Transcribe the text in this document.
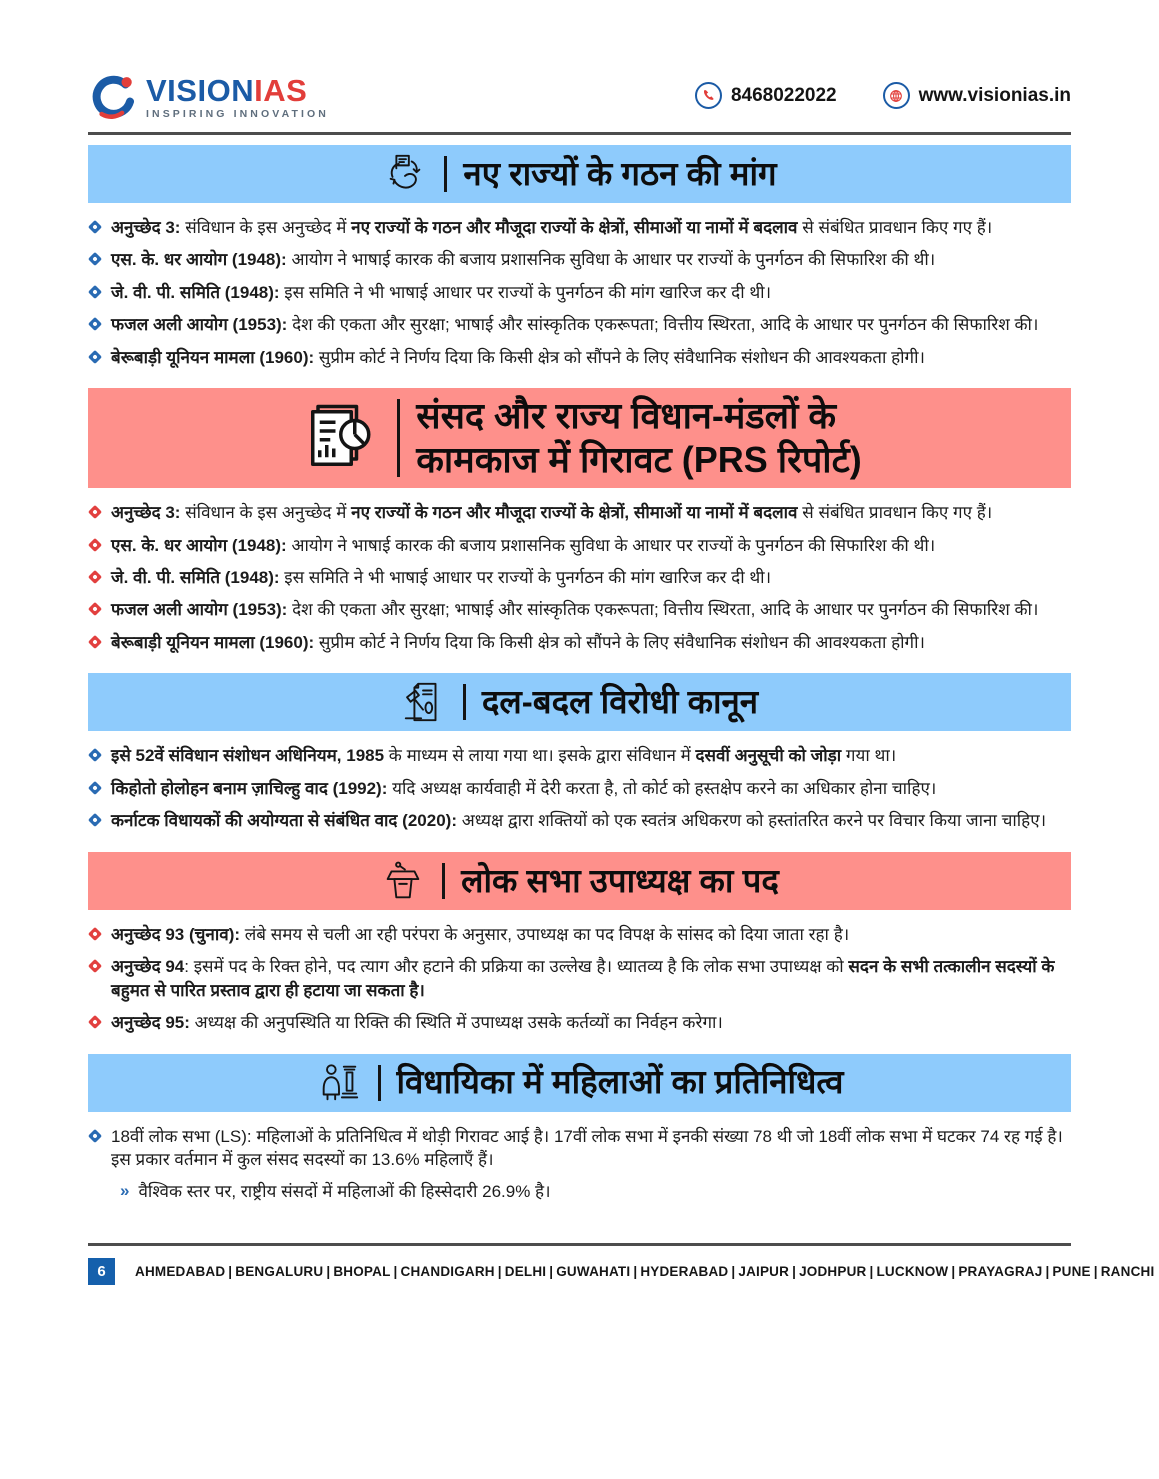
VISIONIAS
INSPIRING INNOVATION
8468022022	www.visionias.in
नए राज्यों के गठन की मांग
अनुच्छेद 3: संविधान के इस अनुच्छेद में नए राज्यों के गठन और मौजूदा राज्यों के क्षेत्रों, सीमाओं या नामों में बदलाव से संबंधित प्रावधान किए गए हैं।
एस. के. धर आयोग (1948): आयोग ने भाषाई कारक की बजाय प्रशासनिक सुविधा के आधार पर राज्यों के पुनर्गठन की सिफारिश की थी।
जे. वी. पी. समिति (1948): इस समिति ने भी भाषाई आधार पर राज्यों के पुनर्गठन की मांग खारिज कर दी थी।
फजल अली आयोग (1953): देश की एकता और सुरक्षा; भाषाई और सांस्कृतिक एकरूपता; वित्तीय स्थिरता, आदि के आधार पर पुनर्गठन की सिफारिश की।
बेरूबाड़ी यूनियन मामला (1960): सुप्रीम कोर्ट ने निर्णय दिया कि किसी क्षेत्र को सौंपने के लिए संवैधानिक संशोधन की आवश्यकता होगी।
संसद और राज्य विधान-मंडलों के
कामकाज में गिरावट (PRS रिपोर्ट)
अनुच्छेद 3: संविधान के इस अनुच्छेद में नए राज्यों के गठन और मौजूदा राज्यों के क्षेत्रों, सीमाओं या नामों में बदलाव से संबंधित प्रावधान किए गए हैं।
एस. के. धर आयोग (1948): आयोग ने भाषाई कारक की बजाय प्रशासनिक सुविधा के आधार पर राज्यों के पुनर्गठन की सिफारिश की थी।
जे. वी. पी. समिति (1948): इस समिति ने भी भाषाई आधार पर राज्यों के पुनर्गठन की मांग खारिज कर दी थी।
फजल अली आयोग (1953): देश की एकता और सुरक्षा; भाषाई और सांस्कृतिक एकरूपता; वित्तीय स्थिरता, आदि के आधार पर पुनर्गठन की सिफारिश की।
बेरूबाड़ी यूनियन मामला (1960): सुप्रीम कोर्ट ने निर्णय दिया कि किसी क्षेत्र को सौंपने के लिए संवैधानिक संशोधन की आवश्यकता होगी।
दल-बदल विरोधी कानून
इसे 52वें संविधान संशोधन अधिनियम, 1985 के माध्यम से लाया गया था। इसके द्वारा संविधान में दसवीं अनुसूची को जोड़ा गया था।
किहोतो होलोहन बनाम ज़ाचिल्हु वाद (1992): यदि अध्यक्ष कार्यवाही में देरी करता है, तो कोर्ट को हस्तक्षेप करने का अधिकार होना चाहिए।
कर्नाटक विधायकों की अयोग्यता से संबंधित वाद (2020): अध्यक्ष द्वारा शक्तियों को एक स्वतंत्र अधिकरण को हस्तांतरित करने पर विचार किया जाना चाहिए।
लोक सभा उपाध्यक्ष का पद
अनुच्छेद 93 (चुनाव): लंबे समय से चली आ रही परंपरा के अनुसार, उपाध्यक्ष का पद विपक्ष के सांसद को दिया जाता रहा है।
अनुच्छेद 94: इसमें पद के रिक्त होने, पद त्याग और हटाने की प्रक्रिया का उल्लेख है। ध्यातव्य है कि लोक सभा उपाध्यक्ष को सदन के सभी तत्कालीन सदस्यों के बहुमत से पारित प्रस्ताव द्वारा ही हटाया जा सकता है।
अनुच्छेद 95: अध्यक्ष की अनुपस्थिति या रिक्ति की स्थिति में उपाध्यक्ष उसके कर्तव्यों का निर्वहन करेगा।
विधायिका में महिलाओं का प्रतिनिधित्व
18वीं लोक सभा (LS): महिलाओं के प्रतिनिधित्व में थोड़ी गिरावट आई है। 17वीं लोक सभा में इनकी संख्या 78 थी जो 18वीं लोक सभा में घटकर 74 रह गई है। इस प्रकार वर्तमान में कुल संसद सदस्यों का 13.6% महिलाएँ हैं।
» वैश्विक स्तर पर, राष्ट्रीय संसदों में महिलाओं की हिस्सेदारी 26.9% है।
6	AHMEDABAD | BENGALURU | BHOPAL | CHANDIGARH | DELHI | GUWAHATI | HYDERABAD | JAIPUR | JODHPUR | LUCKNOW | PRAYAGRAJ | PUNE | RANCHI
